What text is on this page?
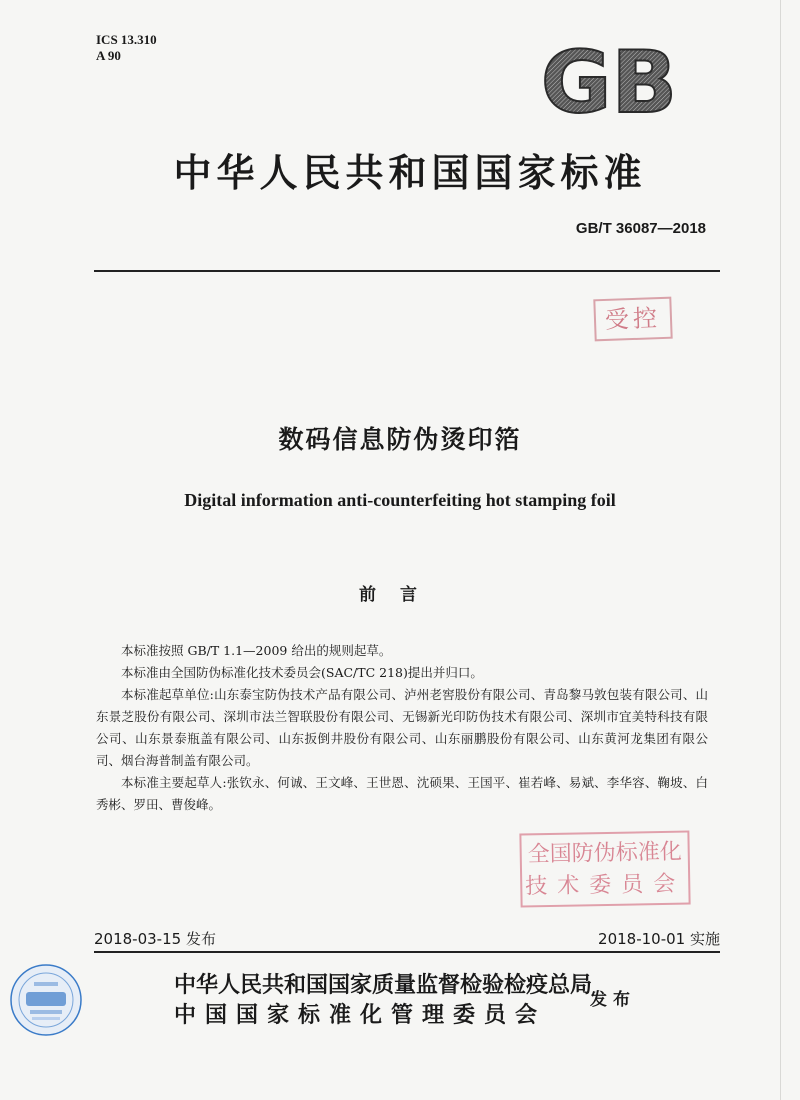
ICS 13.310
A 90	GB
中华人民共和国国家标准
GB/T 36087—2018
受控
数码信息防伪烫印箔
Digital information anti-counterfeiting hot stamping foil
前言

本标准按照 GB/T 1.1—2009 给出的规则起草。

本标准由全国防伪标准化技术委员会(SAC/TC 218)提出并归口。

本标准起草单位:山东泰宝防伪技术产品有限公司、泸州老窖股份有限公司、青岛黎马敦包装有限公司、山东景芝股份有限公司、深圳市法兰智联股份有限公司、无锡新光印防伪技术有限公司、深圳市宜美特科技有限公司、山东景泰瓶盖有限公司、山东扳倒井股份有限公司、山东丽鹏股份有限公司、山东黄河龙集团有限公司、烟台海普制盖有限公司。

本标准主要起草人:张钦永、何诚、王文峰、王世恩、沈硕果、王国平、崔若峰、易斌、李华容、鞠坡、白秀彬、罗田、曹俊峰。

全国防伪标准化
技术委员会
2018-03-15 发布	2018-10-01 实施
中华人民共和国国家质量监督检验检疫总局
中国国家标准化管理委员会
发布
